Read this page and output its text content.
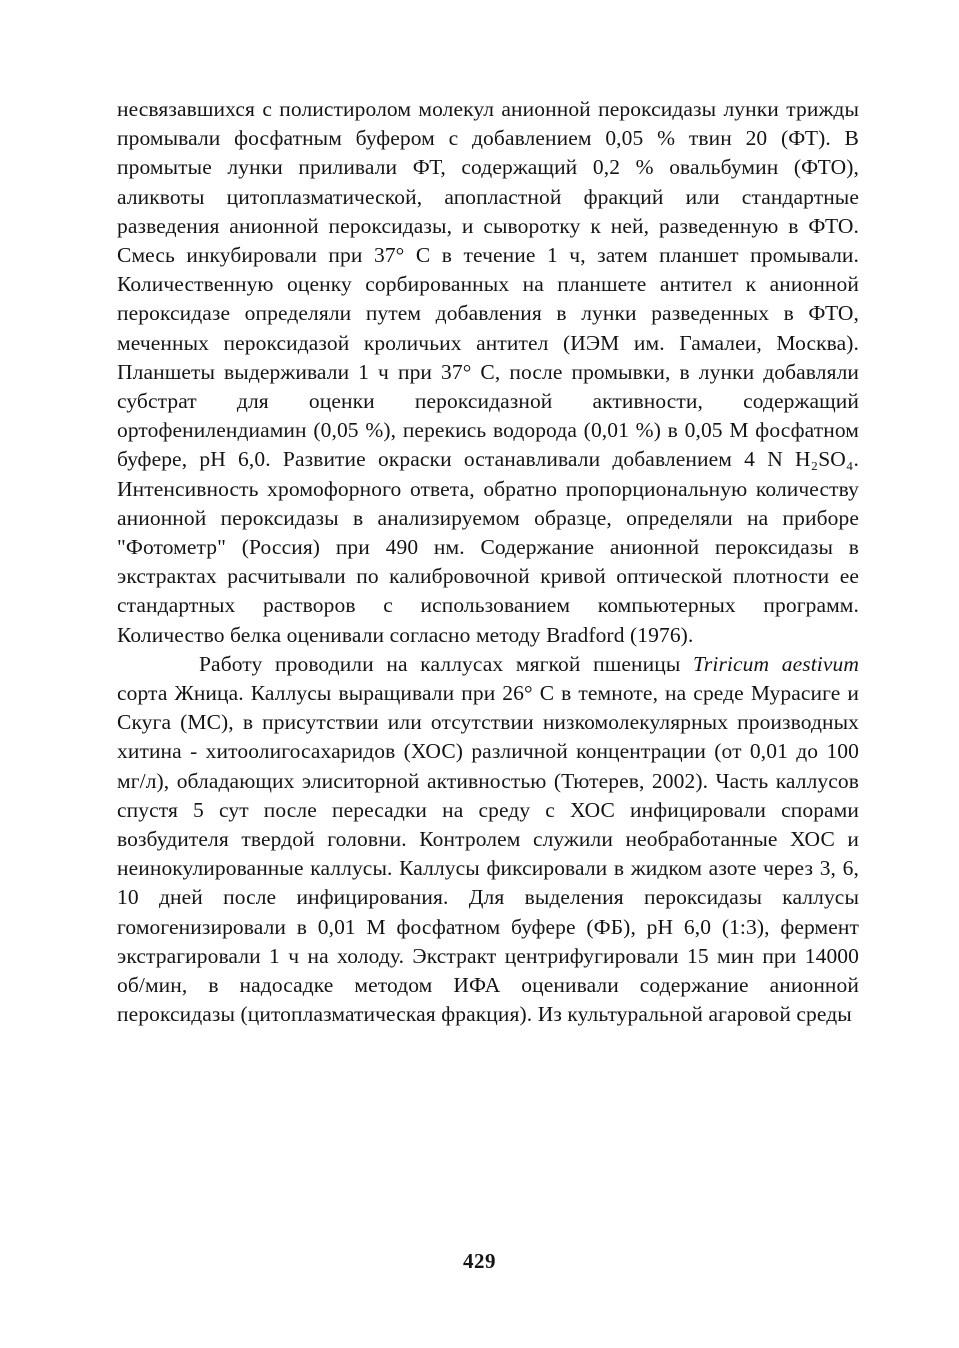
несвязавшихся с полистиролом молекул анионной пероксидазы лунки трижды промывали фосфатным буфером с добавлением 0,05 % твин 20 (ФТ). В промытые лунки приливали ФТ, содержащий 0,2 % овальбумин (ФТО), аликвоты цитоплазматической, апопластной фракций или стандартные разведения анионной пероксидазы, и сыворотку к ней, разведенную в ФТО. Смесь инкубировали при 37° С в течение 1 ч, затем планшет промывали. Количественную оценку сорбированных на планшете антител к анионной пероксидазе определяли путем добавления в лунки разведенных в ФТО, меченных пероксидазой кроличьих антител (ИЭМ им. Гамалеи, Москва). Планшеты выдерживали 1 ч при 37° С, после промывки, в лунки добавляли субстрат для оценки пероксидазной активности, содержащий ортофенилендиамин (0,05 %), перекись водорода (0,01 %) в 0,05 М фосфатном буфере, pH 6,0. Развитие окраски останавливали добавлением 4 N H₂SO₄. Интенсивность хромофорного ответа, обратно пропорциональную количеству анионной пероксидазы в анализируемом образце, определяли на приборе "Фотометр" (Россия) при 490 нм. Содержание анионной пероксидазы в экстрактах расчитывали по калибровочной кривой оптической плотности ее стандартных растворов с использованием компьютерных программ. Количество белка оценивали согласно методу Bradford (1976).

Работу проводили на каллусах мягкой пшеницы Triricum aestivum сорта Жница. Каллусы выращивали при 26° С в темноте, на среде Мурасиге и Скуга (МС), в присутствии или отсутствии низкомолекулярных производных хитина - хитоолигосахаридов (ХОС) различной концентрации (от 0,01 до 100 мг/л), обладающих элиситорной активностью (Тютерев, 2002). Часть каллусов спустя 5 сут после пересадки на среду с ХОС инфицировали спорами возбудителя твердой головни. Контролем служили необработанные ХОС и неинокулированные каллусы. Каллусы фиксировали в жидком азоте через 3, 6, 10 дней после инфицирования. Для выделения пероксидазы каллусы гомогенизировали в 0,01 М фосфатном буфере (ФБ), pH 6,0 (1:3), фермент экстрагировали 1 ч на холоду. Экстракт центрифугировали 15 мин при 14000 об/мин, в надосадке методом ИФА оценивали содержание анионной пероксидазы (цитоплазматическая фракция). Из культуральной агаровой среды

429
